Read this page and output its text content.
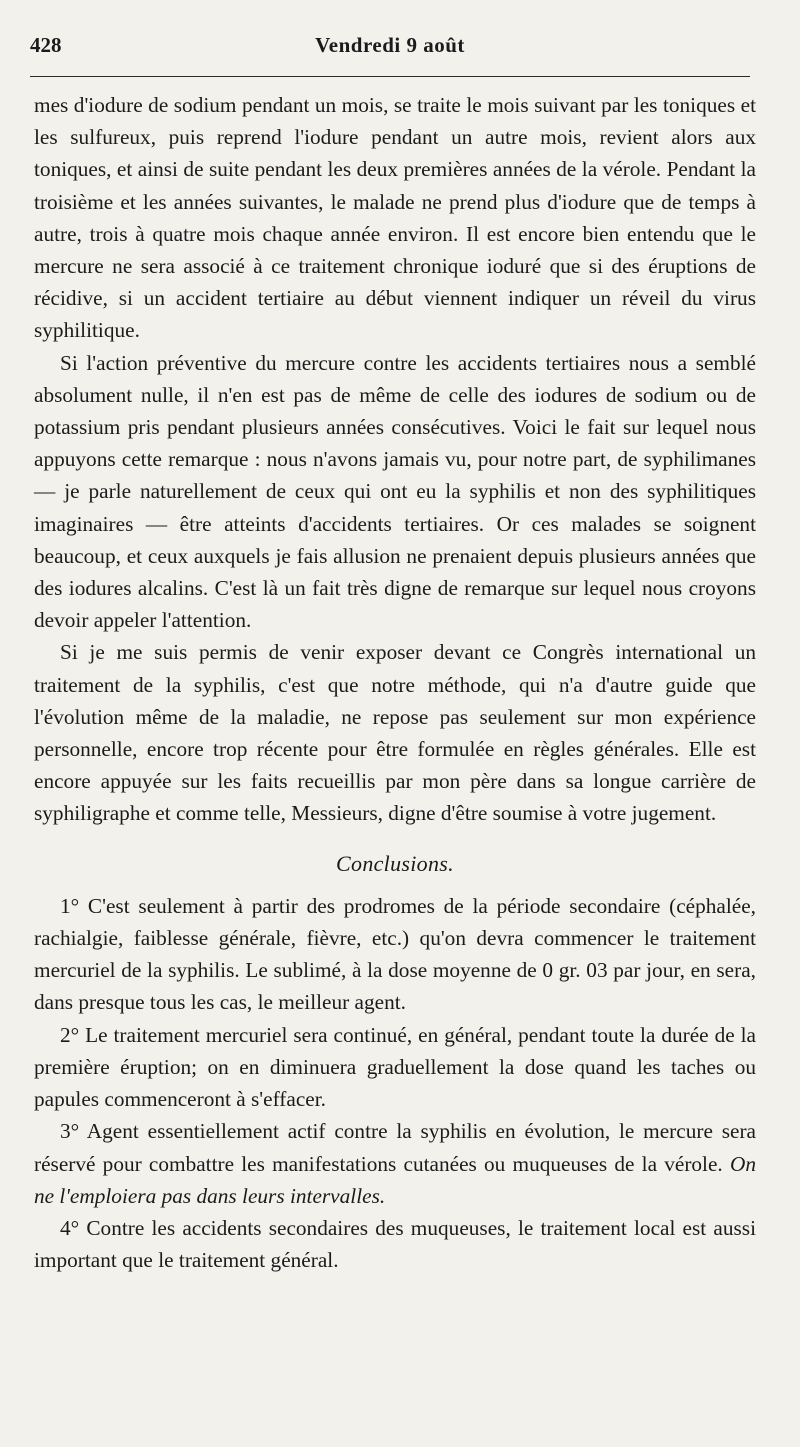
428	Vendredi 9 août

mes d'iodure de sodium pendant un mois, se traite le mois suivant par les toniques et les sulfureux, puis reprend l'iodure pendant un autre mois, revient alors aux toniques, et ainsi de suite pendant les deux premières années de la vérole. Pendant la troisième et les années suivantes, le malade ne prend plus d'iodure que de temps à autre, trois à quatre mois chaque année environ. Il est encore bien entendu que le mercure ne sera associé à ce traitement chronique ioduré que si des éruptions de récidive, si un accident tertiaire au début viennent indiquer un réveil du virus syphilitique.

Si l'action préventive du mercure contre les accidents tertiaires nous a semblé absolument nulle, il n'en est pas de même de celle des iodures de sodium ou de potassium pris pendant plusieurs années consécutives. Voici le fait sur lequel nous appuyons cette remarque : nous n'avons jamais vu, pour notre part, de syphilimanes — je parle naturellement de ceux qui ont eu la syphilis et non des syphilitiques imaginaires — être atteints d'accidents tertiaires. Or ces malades se soignent beaucoup, et ceux auxquels je fais allusion ne prenaient depuis plusieurs années que des iodures alcalins. C'est là un fait très digne de remarque sur lequel nous croyons devoir appeler l'attention.

Si je me suis permis de venir exposer devant ce Congrès international un traitement de la syphilis, c'est que notre méthode, qui n'a d'autre guide que l'évolution même de la maladie, ne repose pas seulement sur mon expérience personnelle, encore trop récente pour être formulée en règles générales. Elle est encore appuyée sur les faits recueillis par mon père dans sa longue carrière de syphiligraphe et comme telle, Messieurs, digne d'être soumise à votre jugement.

Conclusions.

1° C'est seulement à partir des prodromes de la période secondaire (céphalée, rachialgie, faiblesse générale, fièvre, etc.) qu'on devra commencer le traitement mercuriel de la syphilis. Le sublimé, à la dose moyenne de 0 gr. 03 par jour, en sera, dans presque tous les cas, le meilleur agent.

2° Le traitement mercuriel sera continué, en général, pendant toute la durée de la première éruption; on en diminuera graduellement la dose quand les taches ou papules commenceront à s'effacer.

3° Agent essentiellement actif contre la syphilis en évolution, le mercure sera réservé pour combattre les manifestations cutanées ou muqueuses de la vérole. On ne l'emploiera pas dans leurs intervalles.

4° Contre les accidents secondaires des muqueuses, le traitement local est aussi important que le traitement général.
